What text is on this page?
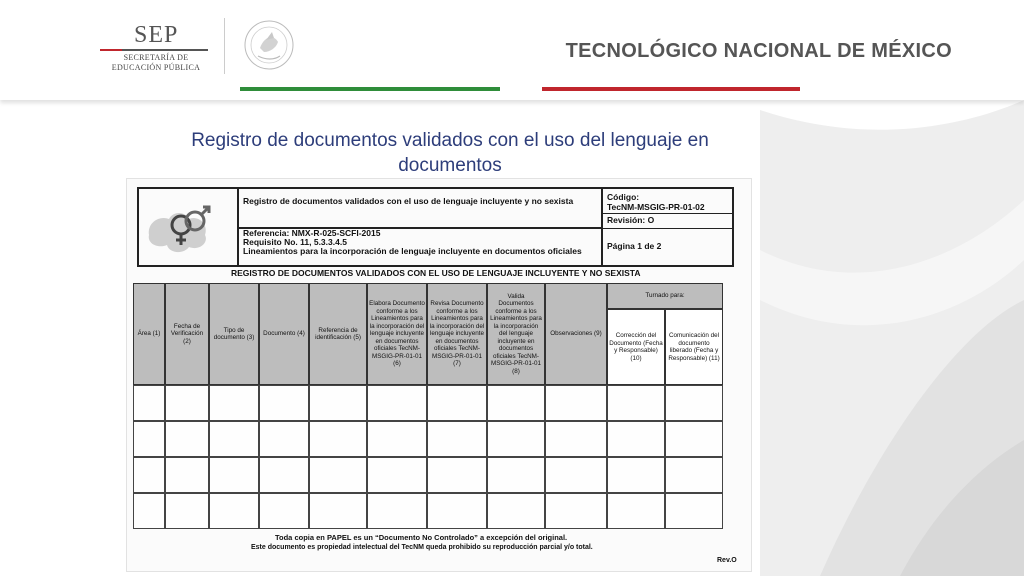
SEP
SECRETARÍA DE
EDUCACIÓN PÚBLICA
TECNOLÓGICO NACIONAL DE MÉXICO
Registro de documentos validados con el uso del lenguaje en
documentos
Registro de documentos validados con el uso de lenguaje incluyente y no sexista
Referencia: NMX-R-025-SCFI-2015
Requisito No. 11, 5.3.3.4.5
Lineamientos para la incorporación de lenguaje incluyente en documentos oficiales
Código:
TecNM-MSGIG-PR-01-02
Revisión: O
Página 1 de 2
REGISTRO DE DOCUMENTOS VALIDADOS CON EL USO DE LENGUAJE INCLUYENTE Y NO SEXISTA
Área (1)
Fecha de Verificación (2)
Tipo de documento (3)
Documento (4)
Referencia de identificación (5)
Elabora Documento conforme a los Lineamientos para la incorporación del lenguaje incluyente en documentos oficiales TecNM-MSGIG-PR-01-01 (6)
Revisa Documento conforme a los Lineamientos para la incorporación del lenguaje incluyente en documentos oficiales TecNM-MSGIG-PR-01-01 (7)
Valida Documentos conforme a los Lineamientos para la incorporación del lenguaje incluyente en documentos oficiales TecNM-MSGIG-PR-01-01 (8)
Observaciones (9)
Turnado para:
Corrección del Documento (Fecha y Responsable) (10)
Comunicación del documento liberado (Fecha y Responsable) (11)
Toda copia en PAPEL es un “Documento No Controlado” a excepción del original.
Este documento es propiedad intelectual del TecNM queda prohibido su reproducción parcial y/o total.
Rev.O
